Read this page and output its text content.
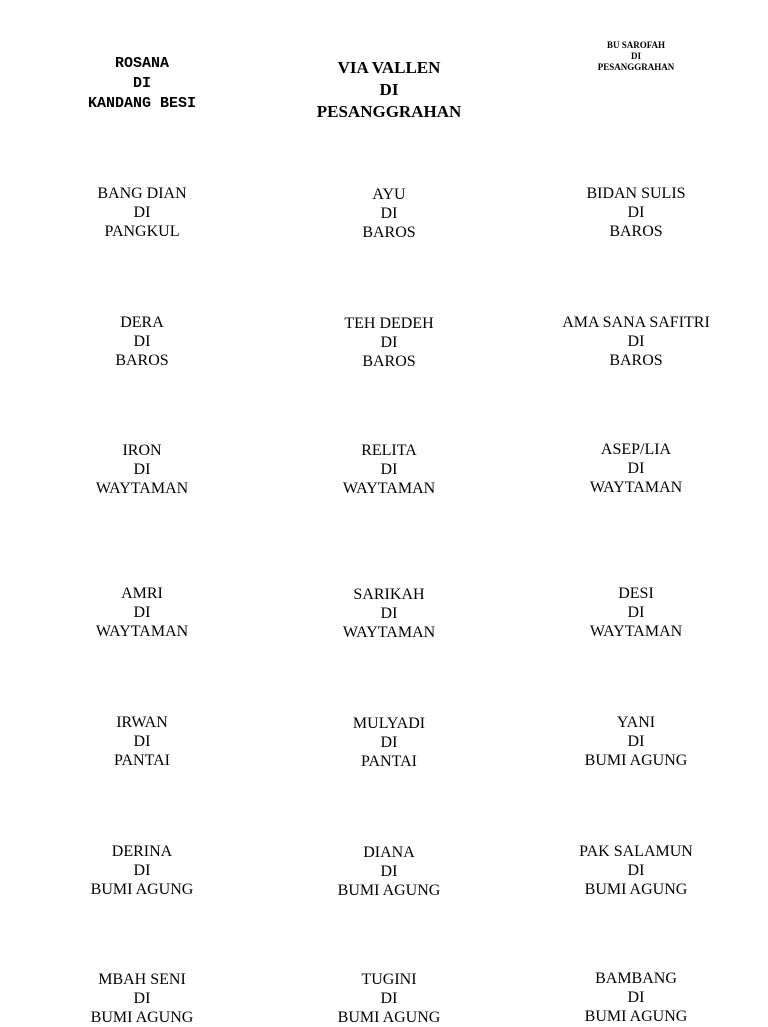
ROSANA
DI
KANDANG BESI
VIA VALLEN
DI
PESANGGRAHAN
BU SAROFAH
DI
PESANGGRAHAN
BANG DIAN
DI
PANGKUL
AYU
DI
BAROS
BIDAN SULIS
DI
BAROS
DERA
DI
BAROS
TEH DEDEH
DI
BAROS
AMA SANA SAFITRI
DI
BAROS
IRON
DI
WAYTAMAN
RELITA
DI
WAYTAMAN
ASEP/LIA
DI
WAYTAMAN
AMRI
DI
WAYTAMAN
SARIKAH
DI
WAYTAMAN
DESI
DI
WAYTAMAN
IRWAN
DI
PANTAI
MULYADI
DI
PANTAI
YANI
DI
BUMI AGUNG
DERINA
DI
BUMI AGUNG
DIANA
DI
BUMI AGUNG
PAK SALAMUN
DI
BUMI AGUNG
MBAH SENI
DI
BUMI AGUNG
TUGINI
DI
BUMI AGUNG
BAMBANG
DI
BUMI AGUNG
